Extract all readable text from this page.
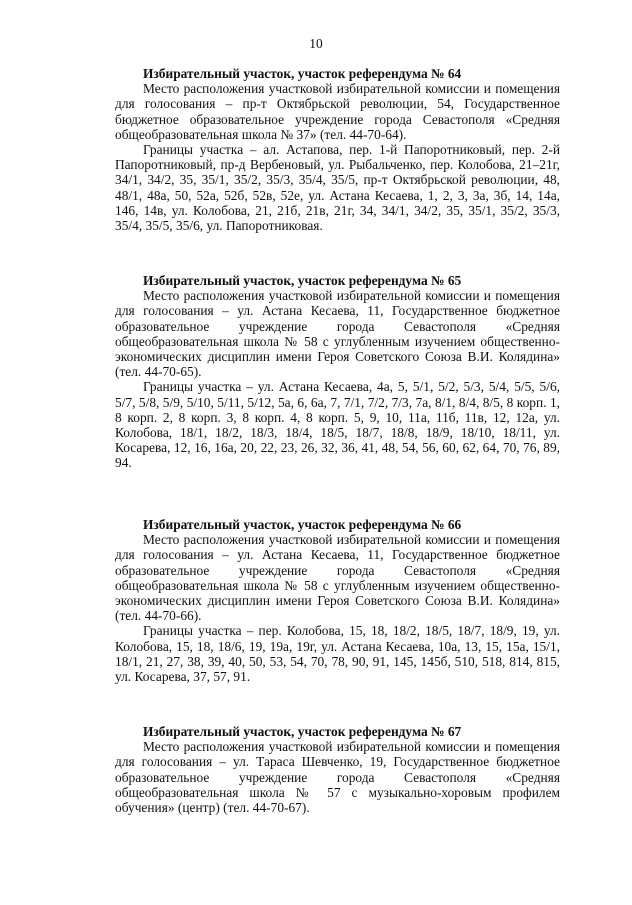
10

Избирательный участок, участок референдума № 64

Место расположения участковой избирательной комиссии и помещения для голосования – пр-т Октябрьской революции, 54, Государственное бюджетное образовательное учреждение города Севастополя «Средняя общеобразовательная школа № 37» (тел. 44-70-64).

Границы участка – ал. Астапова, пер. 1-й Папоротниковый, пер. 2-й Папоротниковый, пр-д Вербеновый, ул. Рыбальченко, пер. Колобова, 21–21г, 34/1, 34/2, 35, 35/1, 35/2, 35/3, 35/4, 35/5, пр-т Октябрьской революции, 48, 48/1, 48а, 50, 52а, 52б, 52в, 52е, ул. Астана Кесаева, 1, 2, 3, 3а, 3б, 14, 14а, 146, 14в, ул. Колобова, 21, 21б, 21в, 21г, 34, 34/1, 34/2, 35, 35/1, 35/2, 35/3, 35/4, 35/5, 35/6, ул. Папоротниковая.

Избирательный участок, участок референдума № 65

Место расположения участковой избирательной комиссии и помещения для голосования – ул. Астана Кесаева, 11, Государственное бюджетное образовательное учреждение города Севастополя «Средняя общеобразовательная школа № 58 с углубленным изучением общественно-экономических дисциплин имени Героя Советского Союза В.И. Колядина» (тел. 44-70-65).

Границы участка – ул. Астана Кесаева, 4а, 5, 5/1, 5/2, 5/3, 5/4, 5/5, 5/6, 5/7, 5/8, 5/9, 5/10, 5/11, 5/12, 5а, 6, 6а, 7, 7/1, 7/2, 7/3, 7а, 8/1, 8/4, 8/5, 8 корп. 1, 8 корп. 2, 8 корп. 3, 8 корп. 4, 8 корп. 5, 9, 10, 11а, 11б, 11в, 12, 12а, ул. Колобова, 18/1, 18/2, 18/3, 18/4, 18/5, 18/7, 18/8, 18/9, 18/10, 18/11, ул. Косарева, 12, 16, 16а, 20, 22, 23, 26, 32, 36, 41, 48, 54, 56, 60, 62, 64, 70, 76, 89, 94.

Избирательный участок, участок референдума № 66

Место расположения участковой избирательной комиссии и помещения для голосования – ул. Астана Кесаева, 11, Государственное бюджетное образовательное учреждение города Севастополя «Средняя общеобразовательная школа № 58 с углубленным изучением общественно-экономических дисциплин имени Героя Советского Союза В.И. Колядина» (тел. 44-70-66).

Границы участка – пер. Колобова, 15, 18, 18/2, 18/5, 18/7, 18/9, 19, ул. Колобова, 15, 18, 18/6, 19, 19а, 19г, ул. Астана Кесаева, 10а, 13, 15, 15а, 15/1, 18/1, 21, 27, 38, 39, 40, 50, 53, 54, 70, 78, 90, 91, 145, 145б, 510, 518, 814, 815, ул. Косарева, 37, 57, 91.

Избирательный участок, участок референдума № 67

Место расположения участковой избирательной комиссии и помещения для голосования – ул. Тараса Шевченко, 19, Государственное бюджетное образовательное учреждение города Севастополя «Средняя общеобразовательная школа № 57 с музыкально-хоровым профилем обучения» (центр) (тел. 44-70-67).
